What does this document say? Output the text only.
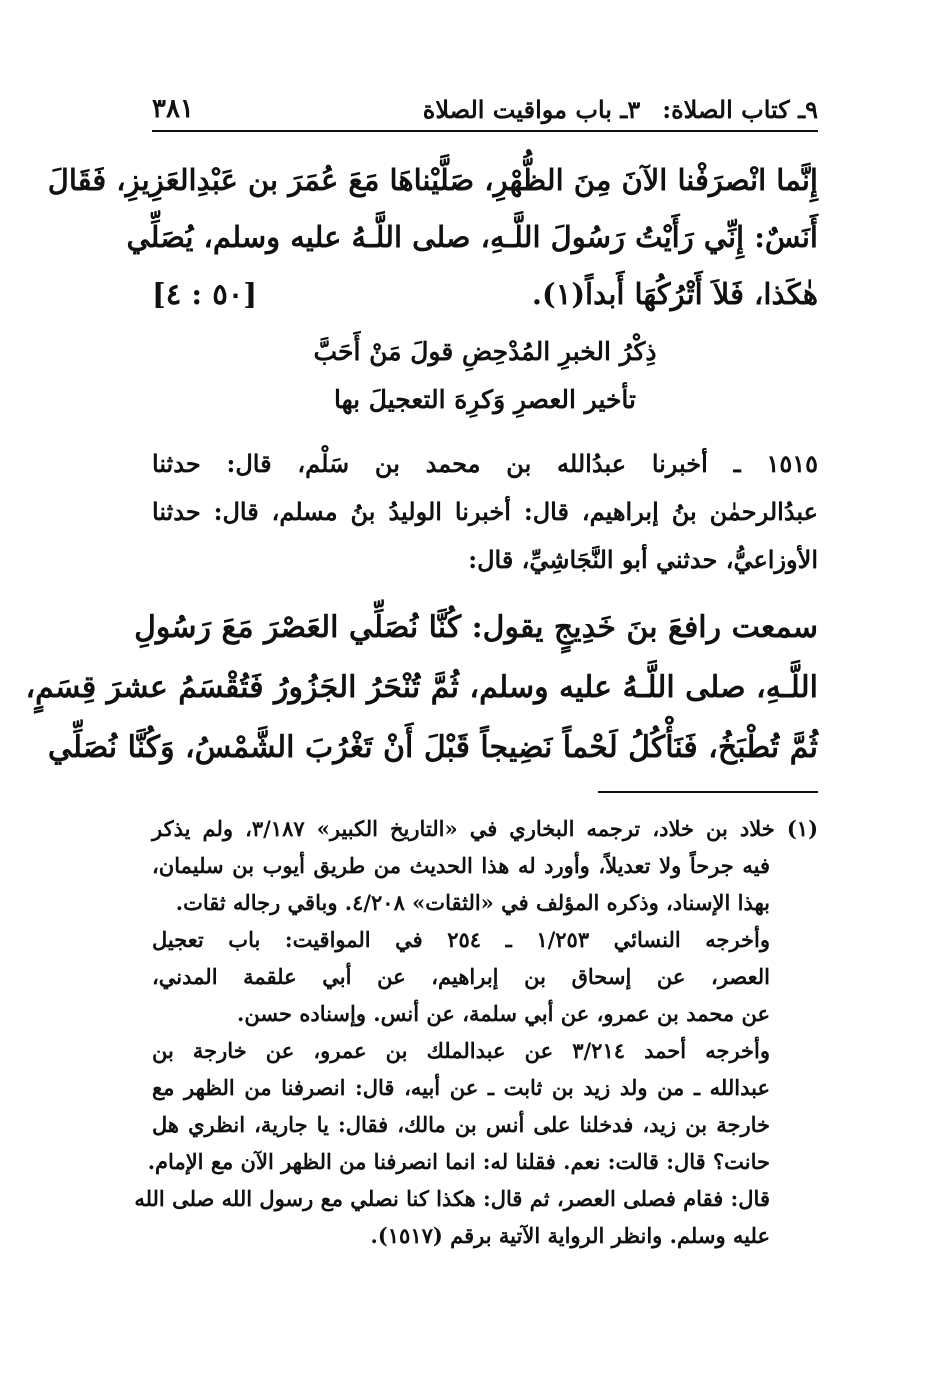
٩ـ كتاب الصلاة:٣ـ باب مواقيت الصلاة
٣٨١
إِنَّما انْصرَفْنا الآنَ مِنَ الظُّهْرِ، صَلَّيْناهَا مَعَ عُمَرَ بن عَبْدِالعَزِيزِ، فَقَالَ
أَنَسٌ: إِنِّي رَأَيْتُ رَسُولَ اللَّـهِ، صلى اللَّـهُ عليه وسلم، يُصَلِّي
هٰكَذا، فَلاَ أَتْرُكُهَا أَبداً(١).
[٥٠ : ٤]
ذِكْرُ الخبرِ المُدْحِضِ قولَ مَنْ أَحَبَّ
تأخير العصرِ وَكرِهَ التعجيلَ بها
١٥١٥ ـ أخبرنا عبدُالله بن محمد بن سَلْم، قال: حدثنا
عبدُالرحمٰن بنُ إبراهيم، قال: أخبرنا الوليدُ بنُ مسلم، قال: حدثنا
الأوزاعيُّ، حدثني أبو النَّجَاشِيِّ، قال:
سمعت رافعَ بنَ خَدِيجٍ يقول: كُنَّا نُصَلِّي العَصْرَ مَعَ رَسُولِ
اللَّـهِ، صلى اللَّـهُ عليه وسلم، ثُمَّ تُنْحَرُ الجَزُورُ فَتُقْسَمُ عشرَ قِسَمٍ،
ثُمَّ تُطْبَخُ، فَنَأْكُلُ لَحْماً نَضِيجاً قَبْلَ أَنْ تَغْرُبَ الشَّمْسُ، وَكُنَّا نُصَلِّي
(١) خلاد بن خلاد، ترجمه البخاري في «التاريخ الكبير» ٣/١٨٧، ولم يذكر
فيه جرحاً ولا تعديلاً، وأورد له هذا الحديث من طريق أيوب بن سليمان،
بهذا الإسناد، وذكره المؤلف في «الثقات» ٤/٢٠٨. وباقي رجاله ثقات.
وأخرجه النسائي ١/٢٥٣ ـ ٢٥٤ في المواقيت: باب تعجيل
العصر، عن إسحاق بن إبراهيم، عن أبي علقمة المدني،
عن محمد بن عمرو، عن أبي سلمة، عن أنس. وإسناده حسن.
وأخرجه أحمد ٣/٢١٤ عن عبدالملك بن عمرو، عن خارجة بن
عبدالله ـ من ولد زيد بن ثابت ـ عن أبيه، قال: انصرفنا من الظهر مع
خارجة بن زيد، فدخلنا على أنس بن مالك، فقال: يا جارية، انظري هل
حانت؟ قال: قالت: نعم. فقلنا له: انما انصرفنا من الظهر الآن مع الإمام.
قال: فقام فصلى العصر، ثم قال: هكذا كنا نصلي مع رسول الله صلى الله
عليه وسلم. وانظر الرواية الآتية برقم (١٥١٧).
